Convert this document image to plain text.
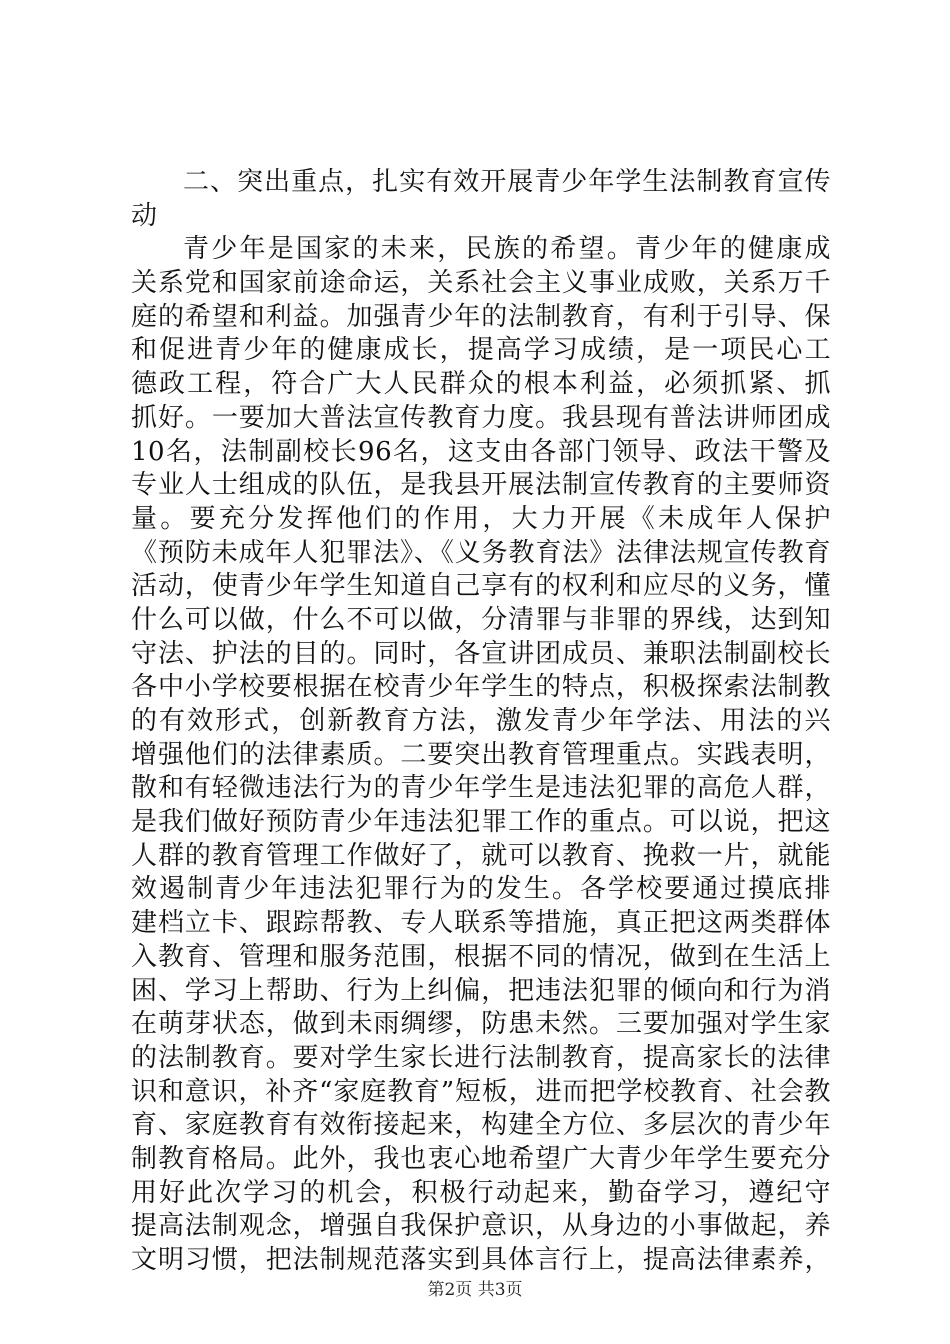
二、突出重点，扎实有效开展青少年学生法制教育宣传
动
青少年是国家的未来，民族的希望。青少年的健康成
关系党和国家前途命运，关系社会主义事业成败，关系万千
庭的希望和利益。加强青少年的法制教育，有利于引导、保
和促进青少年的健康成长，提高学习成绩，是一项民心工
德政工程，符合广大人民群众的根本利益，必须抓紧、抓
抓好。一要加大普法宣传教育力度。我县现有普法讲师团成
10名，法制副校长96名，这支由各部门领导、政法干警及
专业人士组成的队伍，是我县开展法制宣传教育的主要师资
量。要充分发挥他们的作用，大力开展《未成年人保护
《预防未成年人犯罪法》、《义务教育法》法律法规宣传教育
活动，使青少年学生知道自己享有的权利和应尽的义务，懂
什么可以做，什么不可以做，分清罪与非罪的界线，达到知
守法、护法的目的。同时，各宣讲团成员、兼职法制副校长
各中小学校要根据在校青少年学生的特点，积极探索法制教
的有效形式，创新教育方法，激发青少年学法、用法的兴
增强他们的法律素质。二要突出教育管理重点。实践表明，
散和有轻微违法行为的青少年学生是违法犯罪的高危人群，
是我们做好预防青少年违法犯罪工作的重点。可以说，把这
人群的教育管理工作做好了，就可以教育、挽救一片，就能
效遏制青少年违法犯罪行为的发生。各学校要通过摸底排
建档立卡、跟踪帮教、专人联系等措施，真正把这两类群体
入教育、管理和服务范围，根据不同的情况，做到在生活上
困、学习上帮助、行为上纠偏，把违法犯罪的倾向和行为消
在萌芽状态，做到未雨绸缪，防患未然。三要加强对学生家
的法制教育。要对学生家长进行法制教育，提高家长的法律
识和意识，补齐“家庭教育”短板，进而把学校教育、社会教
育、家庭教育有效衔接起来，构建全方位、多层次的青少年
制教育格局。此外，我也衷心地希望广大青少年学生要充分
用好此次学习的机会，积极行动起来，勤奋学习，遵纪守
提高法制观念，增强自我保护意识，从身边的小事做起，养
文明习惯，把法制规范落实到具体言行上，提高法律素养，
第2页 共3页
